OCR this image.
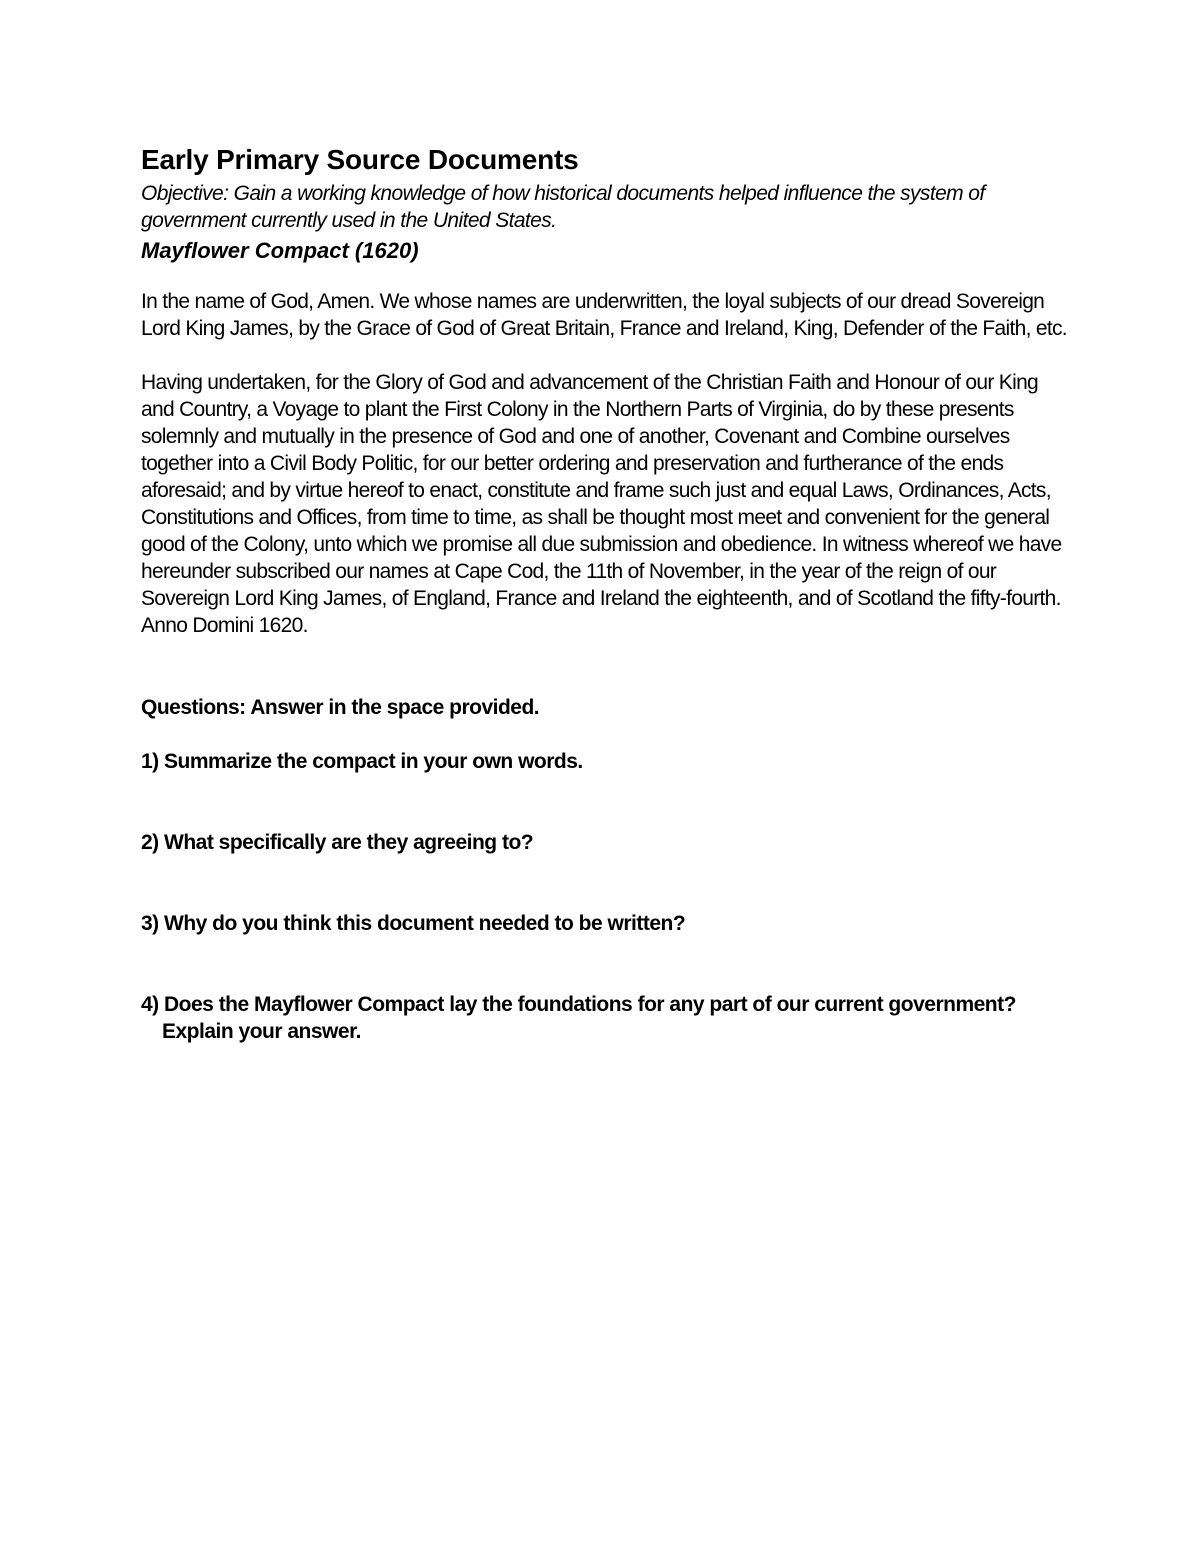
Early Primary Source Documents

Objective: Gain a working knowledge of how historical documents helped influence the system of government currently used in the United States.

Mayflower Compact (1620)

In the name of God, Amen. We whose names are underwritten, the loyal subjects of our dread Sovereign Lord King James, by the Grace of God of Great Britain, France and Ireland, King, Defender of the Faith, etc.

Having undertaken, for the Glory of God and advancement of the Christian Faith and Honour of our King and Country, a Voyage to plant the First Colony in the Northern Parts of Virginia, do by these presents solemnly and mutually in the presence of God and one of another, Covenant and Combine ourselves together into a Civil Body Politic, for our better ordering and preservation and furtherance of the ends aforesaid; and by virtue hereof to enact, constitute and frame such just and equal Laws, Ordinances, Acts, Constitutions and Offices, from time to time, as shall be thought most meet and convenient for the general good of the Colony, unto which we promise all due submission and obedience. In witness whereof we have hereunder subscribed our names at Cape Cod, the 11th of November, in the year of the reign of our Sovereign Lord King James, of England, France and Ireland the eighteenth, and of Scotland the fifty-fourth. Anno Domini 1620.

Questions: Answer in the space provided.

1) Summarize the compact in your own words.

2) What specifically are they agreeing to?

3) Why do you think this document needed to be written?

4) Does the Mayflower Compact lay the foundations for any part of our current government?
Explain your answer.
